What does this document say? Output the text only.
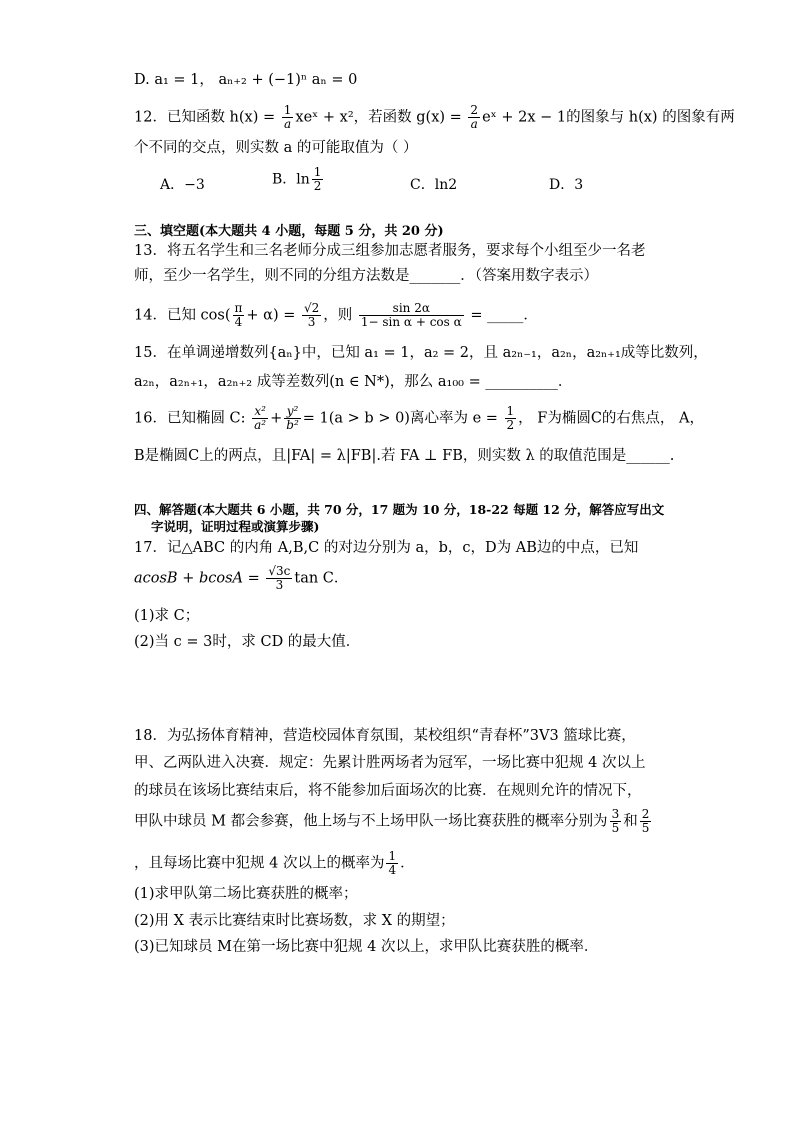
D. a₁ = 1， aₙ₊₂ + (−1)ⁿ aₙ = 0
12．已知函数 $h(x) = \frac{1}{a}$ xeˣ + x²，若函数 $g(x) = \frac{2}{a}$ eˣ + 2x − 1的图象与 h(x) 的图象有两
个不同的交点，则实数 a 的可能取值为（ ）
A．−3	B．$\ln \frac{1}{2}$	C．ln2	D．3
三、填空题(本大题共 4 小题，每题 5 分，共 20 分)
13．将五名学生和三名老师分成三组参加志愿者服务，要求每个小组至少一名老
师，至少一名学生，则不同的分组方法数是_______．（答案用数字表示）
14．已知 $\cos( \frac{\pi}{4} + \alpha) = \frac{√2}{3}$ ，则 $\frac{\sin 2\alpha}{\text{1− sin α + cos α}}$ = _____．
15．在单调递增数列{aₙ}中，已知 a₁ = 1，a₂ = 2，且 a₂ₙ₋₁，a₂ₙ，a₂ₙ₊₁成等比数列，
a₂ₙ，a₂ₙ₊₁，a₂ₙ₊₂ 成等差数列(n ∈ N*)，那么 a₁₀₀ = __________．
16．已知椭圆 C: $\frac{\text{x²}}{\text{a²}} + \frac{\text{y²}}{\text{b²}} = 1(a > b > 0)$离心率为 $e = \frac{1}{2}$ ， F为椭圆C的右焦点， A，
B是椭圆C上的两点，且|FA| = λ|FB|.若 FA ⊥ FB，则实数 λ 的取值范围是______.
四、解答题(本大题共 6 小题，共 70 分，17 题为 10 分，18-22 每题 12 分，解答应写出文
字说明，证明过程或演算步骤)
17．记△ABC 的内角 A,B,C 的对边分别为 a，b，c，D为 AB边的中点，已知
$acosB + bcosA = \frac{√3c}{3}$ tan C．
(1)求 C；
(2)当 c = 3时，求 CD 的最大值．
18．为弘扬体育精神，营造校园体育氛围，某校组织“青春杯”3V3 篮球比赛，
甲、乙两队进入决赛．规定：先累计胜两场者为冠军，一场比赛中犯规 4 次以上
的球员在该场比赛结束后，将不能参加后面场次的比赛．在规则允许的情况下，
甲队中球员 M 都会参赛，他上场与不上场甲队一场比赛获胜的概率分别为 $\frac{3}{5}$ 和 $\frac{2}{5}$
，且每场比赛中犯规 4 次以上的概率为 $\frac{1}{4}$ ．
(1)求甲队第二场比赛获胜的概率；
(2)用 X 表示比赛结束时比赛场数，求 X 的期望；
(3)已知球员 M在第一场比赛中犯规 4 次以上，求甲队比赛获胜的概率．
